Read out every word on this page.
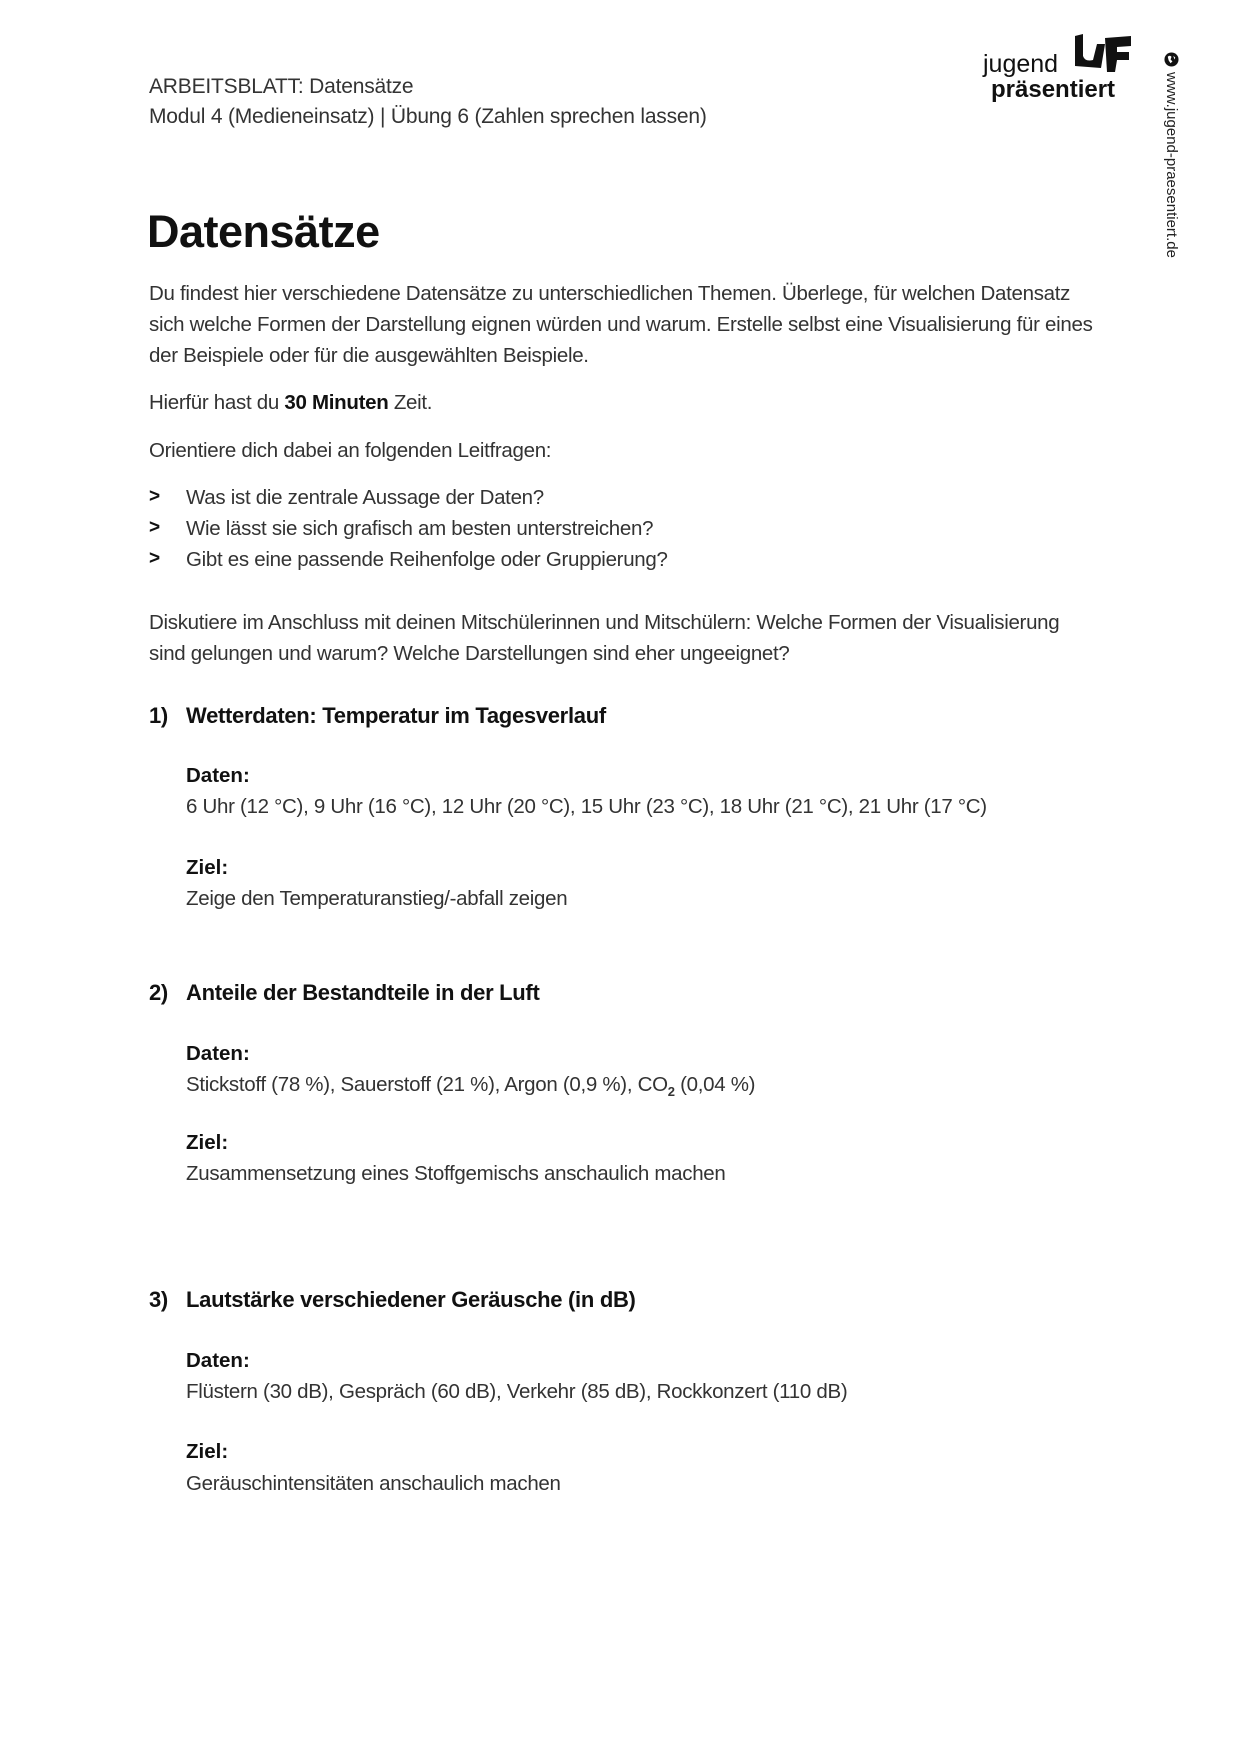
ARBEITSBLATT: Datensätze
Modul 4 (Medieneinsatz) | Übung 6 (Zahlen sprechen lassen)
jugend
präsentiert	www.jugend-praesentiert.de
Datensätze
Du findest hier verschiedene Datensätze zu unterschiedlichen Themen. Überlege, für welchen Datensatz sich welche Formen der Darstellung eignen würden und warum. Erstelle selbst eine Visualisierung für eines der Beispiele oder für die ausgewählten Beispiele.
Hierfür hast du 30 Minuten Zeit.
Orientiere dich dabei an folgenden Leitfragen:
> Was ist die zentrale Aussage der Daten?
> Wie lässt sie sich grafisch am besten unterstreichen?
> Gibt es eine passende Reihenfolge oder Gruppierung?
Diskutiere im Anschluss mit deinen Mitschülerinnen und Mitschülern: Welche Formen der Visualisierung sind gelungen und warum? Welche Darstellungen sind eher ungeeignet?
1) Wetterdaten: Temperatur im Tagesverlauf
Daten:
6 Uhr (12 °C), 9 Uhr (16 °C), 12 Uhr (20 °C), 15 Uhr (23 °C), 18 Uhr (21 °C), 21 Uhr (17 °C)
Ziel:
Zeige den Temperaturanstieg/-abfall zeigen
2) Anteile der Bestandteile in der Luft
Daten:
Stickstoff (78 %), Sauerstoff (21 %), Argon (0,9 %), $CO_2$ (0,04 %)
Ziel:
Zusammensetzung eines Stoffgemischs anschaulich machen
3) Lautstärke verschiedener Geräusche (in dB)
Daten:
Flüstern (30 dB), Gespräch (60 dB), Verkehr (85 dB), Rockkonzert (110 dB)
Ziel:
Geräuschintensitäten anschaulich machen
